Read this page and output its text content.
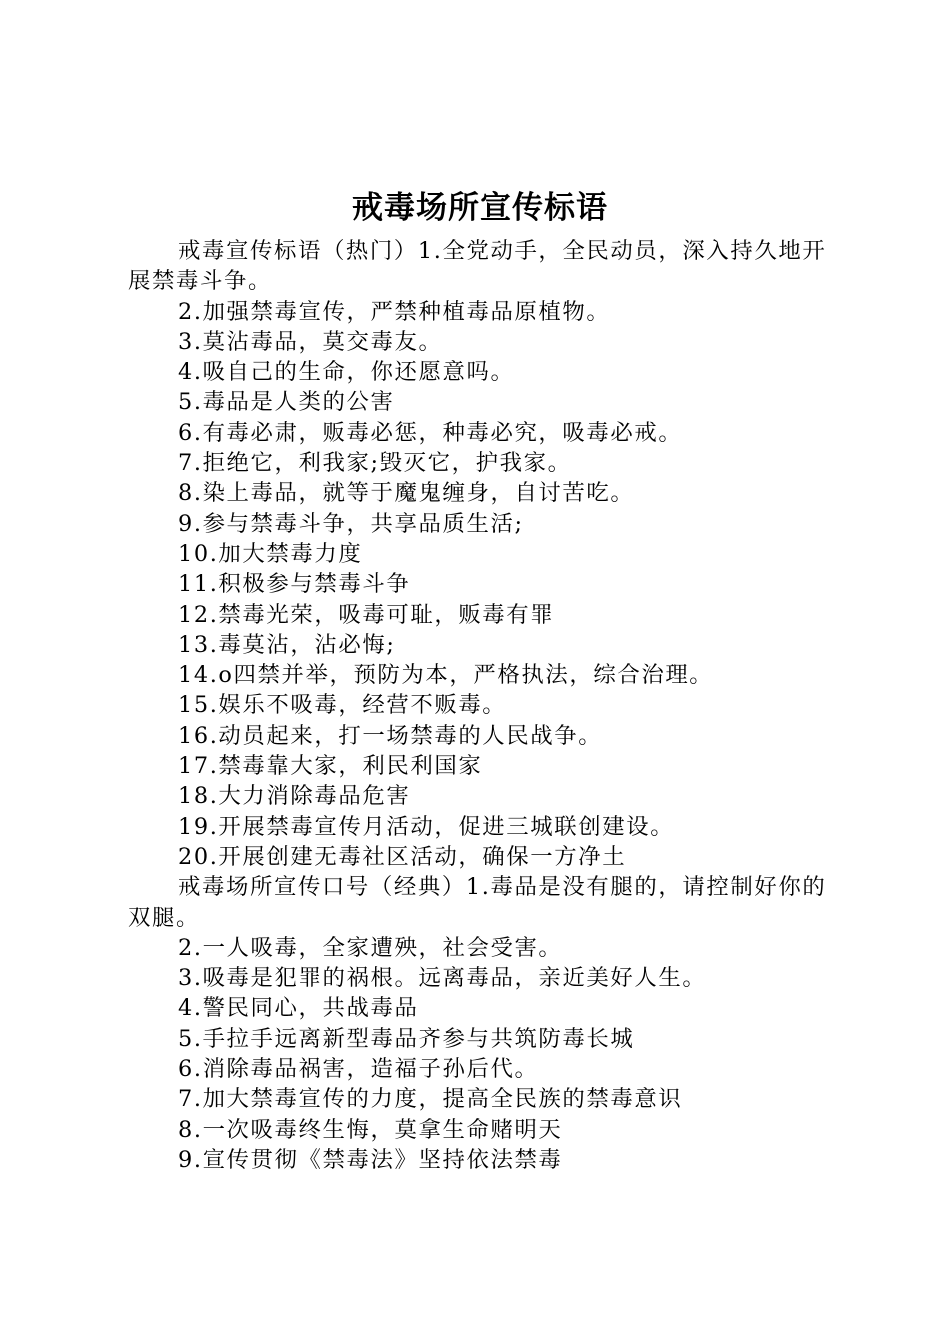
戒毒场所宣传标语

戒毒宣传标语（热门）1.全党动手，全民动员，深入持久地开展禁毒斗争。

2.加强禁毒宣传，严禁种植毒品原植物。

3.莫沾毒品，莫交毒友。

4.吸自己的生命，你还愿意吗。

5.毒品是人类的公害

6.有毒必肃，贩毒必惩，种毒必究，吸毒必戒。

7.拒绝它，利我家;毁灭它，护我家。

8.染上毒品，就等于魔鬼缠身，自讨苦吃。

9.参与禁毒斗争，共享品质生活;

10.加大禁毒力度

11.积极参与禁毒斗争

12.禁毒光荣，吸毒可耻，贩毒有罪

13.毒莫沾，沾必悔;

14.o四禁并举，预防为本，严格执法，综合治理。

15.娱乐不吸毒，经营不贩毒。

16.动员起来，打一场禁毒的人民战争。

17.禁毒靠大家，利民利国家

18.大力消除毒品危害

19.开展禁毒宣传月活动，促进三城联创建设。

20.开展创建无毒社区活动，确保一方净土

戒毒场所宣传口号（经典）1.毒品是没有腿的，请控制好你的双腿。

2.一人吸毒，全家遭殃，社会受害。

3.吸毒是犯罪的祸根。远离毒品，亲近美好人生。

4.警民同心，共战毒品

5.手拉手远离新型毒品齐参与共筑防毒长城

6.消除毒品祸害，造福子孙后代。

7.加大禁毒宣传的力度，提高全民族的禁毒意识

8.一次吸毒终生悔，莫拿生命赌明天

9.宣传贯彻《禁毒法》坚持依法禁毒
